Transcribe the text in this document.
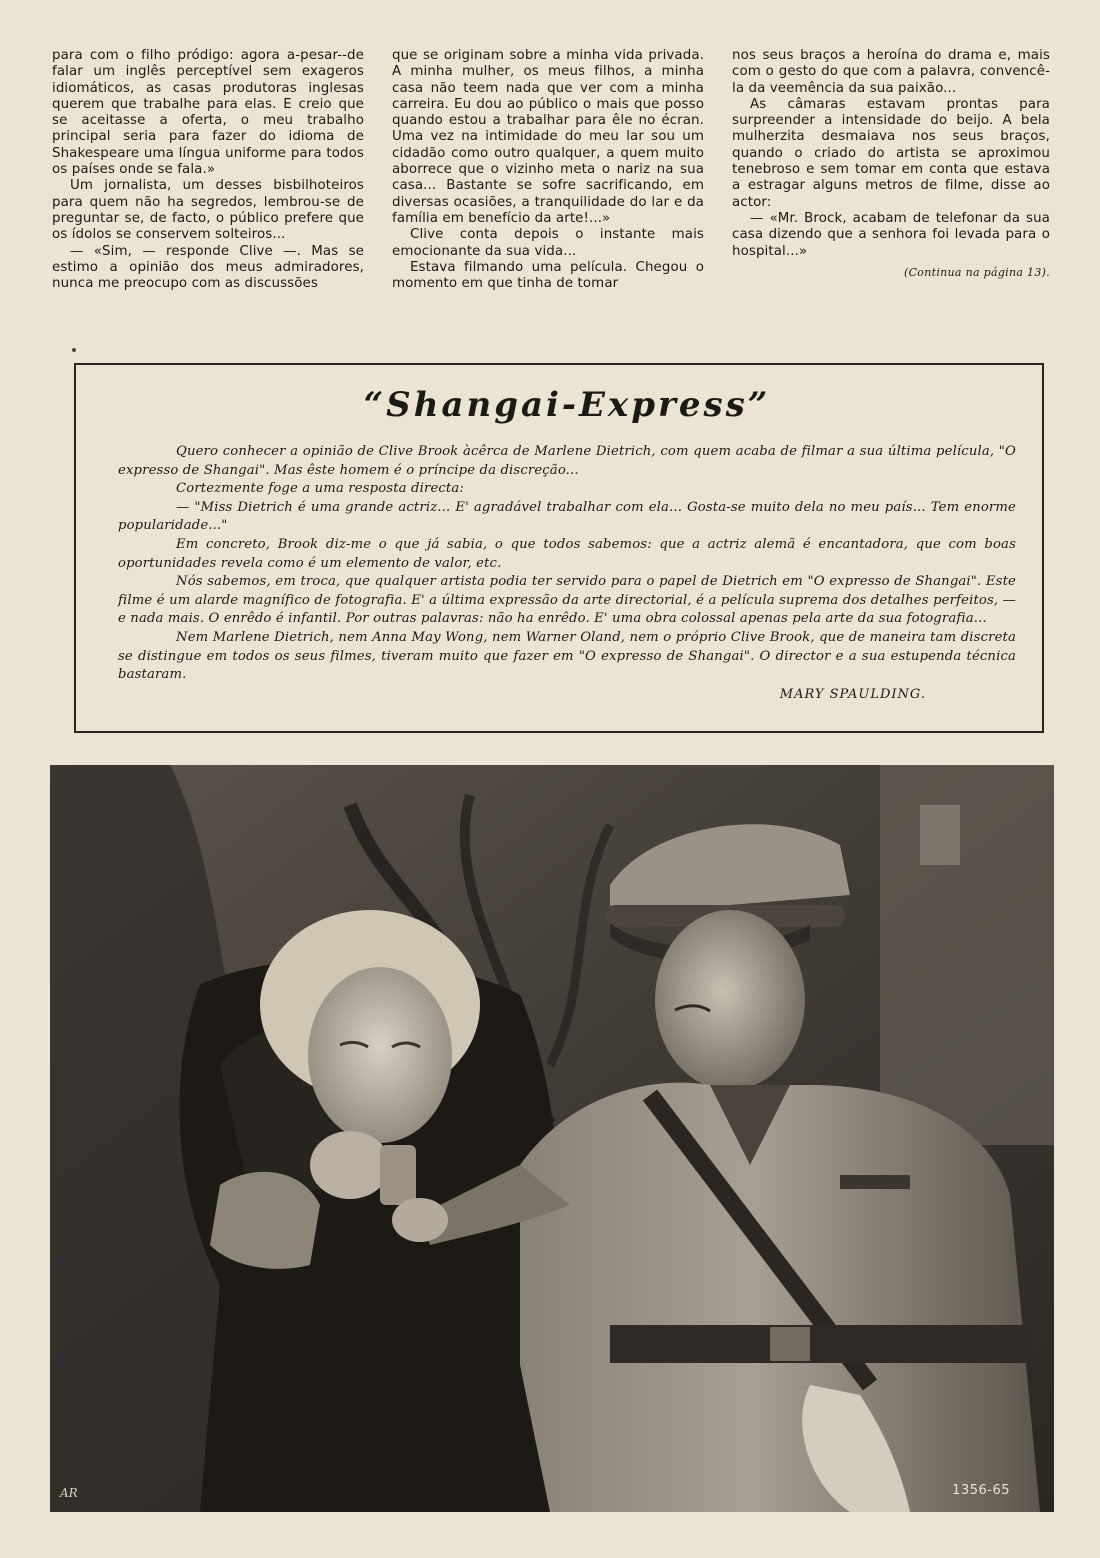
para com o filho pródigo: agora a-pesar--de falar um inglês perceptível sem exageros idiomáticos, as casas produtoras inglesas querem que trabalhe para elas. E creio que se aceitasse a oferta, o meu trabalho principal seria para fazer do idioma de Shakespeare uma língua uniforme para todos os países onde se fala.»

Um jornalista, um desses bisbilhoteiros para quem não ha segredos, lembrou-se de preguntar se, de facto, o público prefere que os ídolos se conservem solteiros...

— «Sim, — responde Clive —. Mas se estimo a opinião dos meus admiradores, nunca me preocupo com as discussões

que se originam sobre a minha vida privada. A minha mulher, os meus filhos, a minha casa não teem nada que ver com a minha carreira. Eu dou ao público o mais que posso quando estou a trabalhar para êle no écran. Uma vez na intimidade do meu lar sou um cidadão como outro qualquer, a quem muito aborrece que o vizinho meta o nariz na sua casa... Bastante se sofre sacrificando, em diversas ocasiões, a tranquilidade do lar e da família em benefício da arte!...»

Clive conta depois o instante mais emocionante da sua vida...

Estava filmando uma película. Chegou o momento em que tinha de tomar

nos seus braços a heroína do drama e, mais com o gesto do que com a palavra, convencê-la da veemência da sua paixão...

As câmaras estavam prontas para surpreender a intensidade do beijo. A bela mulherzita desmaiava nos seus braços, quando o criado do artista se aproximou tenebroso e sem tomar em conta que estava a estragar alguns metros de filme, disse ao actor:

— «Mr. Brock, acabam de telefonar da sua casa dizendo que a senhora foi levada para o hospital...»

(Continua na página 13).
“Shangai-Express”

Quero conhecer a opinião de Clive Brook àcêrca de Marlene Dietrich, com quem acaba de filmar a sua última película, "O expresso de Shangai". Mas êste homem é o príncipe da discreção...

Cortezmente foge a uma resposta directa:

— "Miss Dietrich é uma grande actriz... E' agradável trabalhar com ela... Gosta-se muito dela no meu país... Tem enorme popularidade..."

Em concreto, Brook diz-me o que já sabia, o que todos sabemos: que a actriz alemã é encantadora, que com boas oportunidades revela como é um elemento de valor, etc.

Nós sabemos, em troca, que qualquer artista podia ter servido para o papel de Dietrich em "O expresso de Shangai". Este filme é um alarde magnífico de fotografia. E' a última expressão da arte directorial, é a película suprema dos detalhes perfeitos, — e nada mais. O enrêdo é infantil. Por outras palavras: não ha enrêdo. E' uma obra colossal apenas pela arte da sua fotografia...

Nem Marlene Dietrich, nem Anna May Wong, nem Warner Oland, nem o próprio Clive Brook, que de maneira tam discreta se distingue em todos os seus filmes, tiveram muito que fazer em "O expresso de Shangai". O director e a sua estupenda técnica bastaram.

MARY SPAULDING.
AR	1356-65
